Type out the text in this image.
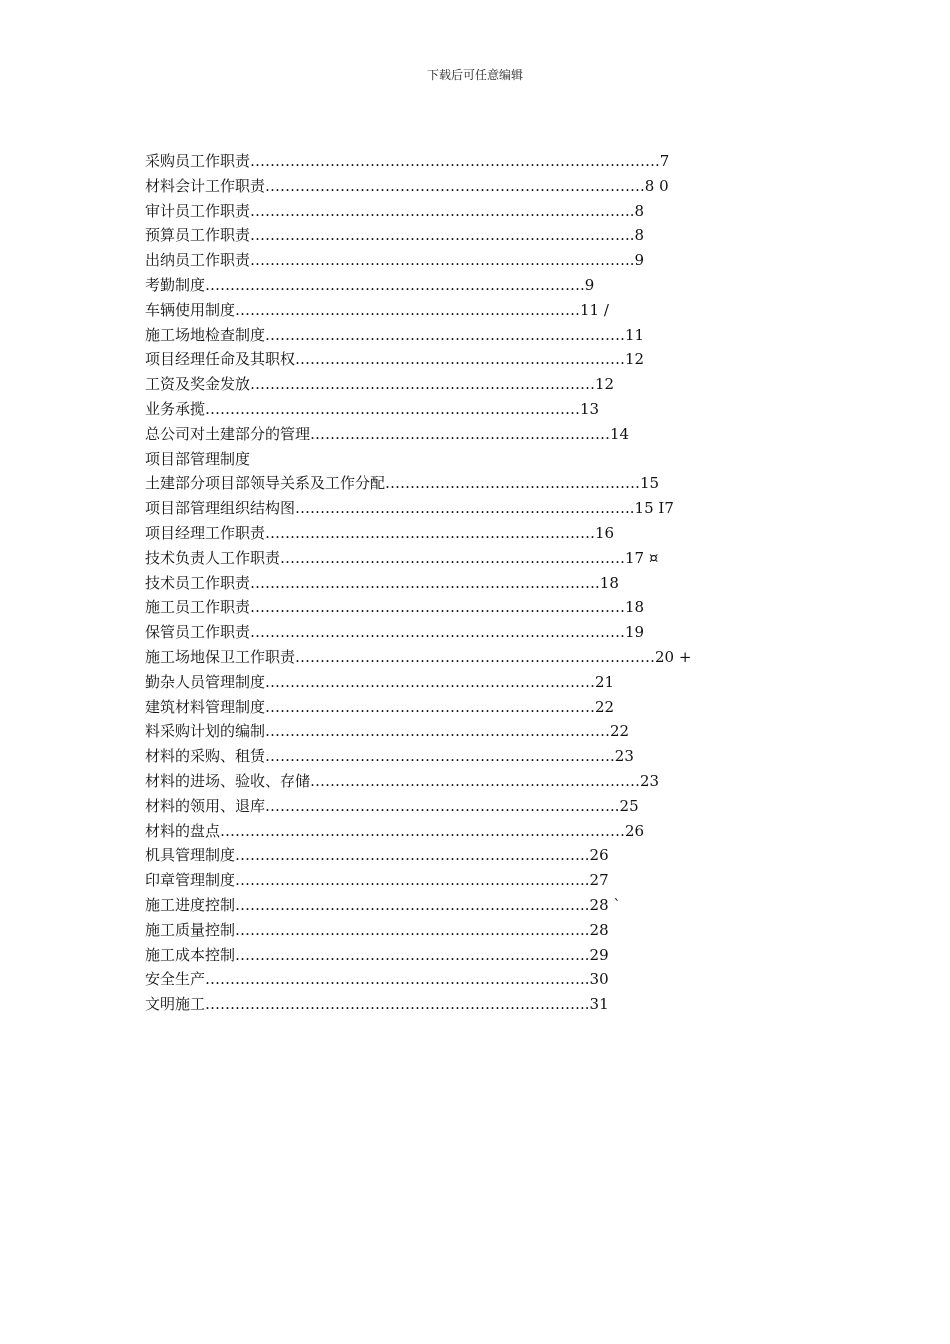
下载后可任意编辑
采购员工作职责……………………………………………………………………….7
材料会计工作职责………………………………………………………………….8 0
审计员工作职责…………………………………………………………………..8
预算员工作职责…………………………………………………………………..8
出纳员工作职责…………………………………………………………………..9
考勤制度………………………………………………………………….9
车辆使用制度……………………………………………………………11 /
施工场地检查制度………………………………………………………………11
项目经理任命及其职权…………………………………………………………12
工资及奖金发放……………………………………………………………12
业务承揽…………………………………………………………………13
总公司对土建部分的管理……………………………………………………14
项目部管理制度
土建部分项目部领导关系及工作分配……………………………………………15
项目部管理组织结构图…………………………………………………………..15 I7
项目经理工作职责…………………………………………………………16
技术负责人工作职责……………………………………………………………17 ¤
技术员工作职责…………………………………………………………….18
施工员工作职责…………………………………………………………………18
保管员工作职责…………………………………………………………………19
施工场地保卫工作职责………………………………………………………………20 +
勤杂人员管理制度…………………………………………………………21
建筑材料管理制度…………………………………………………………22
料采购计划的编制……………………………………………………………22
材料的采购、租赁…………………………………………………………….23
材料的进场、验收、存储…………………………………………………………23
材料的领用、退库……………………………………………………………..25
材料的盘点………………………………………………………………………26
机具管理制度……………………………………………………………..26
印章管理制度……………………………………………………………..27
施工进度控制……………………………………………………………..28 `
施工质量控制……………………………………………………………..28
施工成本控制……………………………………………………………..29
安全生产…………………………………………………………………..30
文明施工…………………………………………………………………..31
